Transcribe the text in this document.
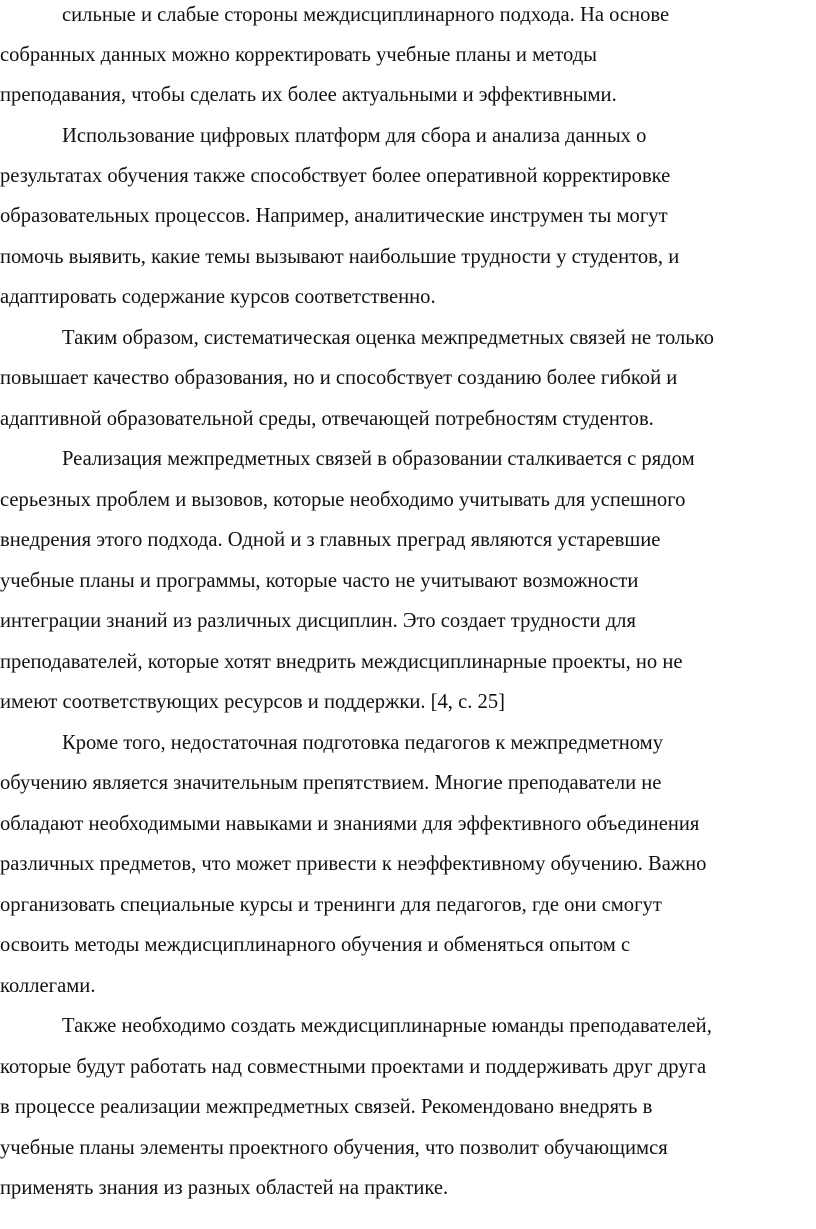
сильные и слабые стороны междисциплинарного подхода. На основе
собранных данных можно корректировать учебные планы и методы
преподавания, чтобы сделать их более актуальными и эффективными.
Использование цифровых платформ для сбора и анализа данных о
результатах обучения также способствует более оперативной корректировке
образовательных процессов. Например, аналитические инструмен ты могут
помочь выявить, какие темы вызывают наибольшие трудности у студентов, и
адаптировать содержание курсов соответственно.
Таким образом, систематическая оценка межпредметных связей не только
повышает качество образования, но и способствует созданию более гибкой и
адаптивной образовательной среды, отвечающей потребностям студентов.
Реализация межпредметных связей в образовании сталкивается с рядом
серьезных проблем и вызовов, которые необходимо учитывать для успешного
внедрения этого подхода. Одной и з главных преград являются устаревшие
учебные планы и программы, которые часто не учитывают возможности
интеграции знаний из различных дисциплин. Это создает трудности для
преподавателей, которые хотят внедрить междисциплинарные проекты, но не
имеют соответствующих ресурсов и поддержки. [4, с. 25]
Кроме того, недостаточная подготовка педагогов к межпредметному
обучению является значительным препятствием. Многие преподаватели не
обладают необходимыми навыками и знаниями для эффективного объединения
различных предметов, что может привести к неэффективному обучению. Важно
организовать специальные курсы и тренинги для педагогов, где они смогут
освоить методы междисциплинарного обучения и обменяться опытом с
коллегами.
Также необходимо создать междисциплинарные юманды преподавателей,
которые будут работать над совместными проектами и поддерживать друг друга
в процессе реализации межпредметных связей. Рекомендовано внедрять в
учебные планы элементы проектного обучения, что позволит обучающимся
применять знания из разных областей на практике.
